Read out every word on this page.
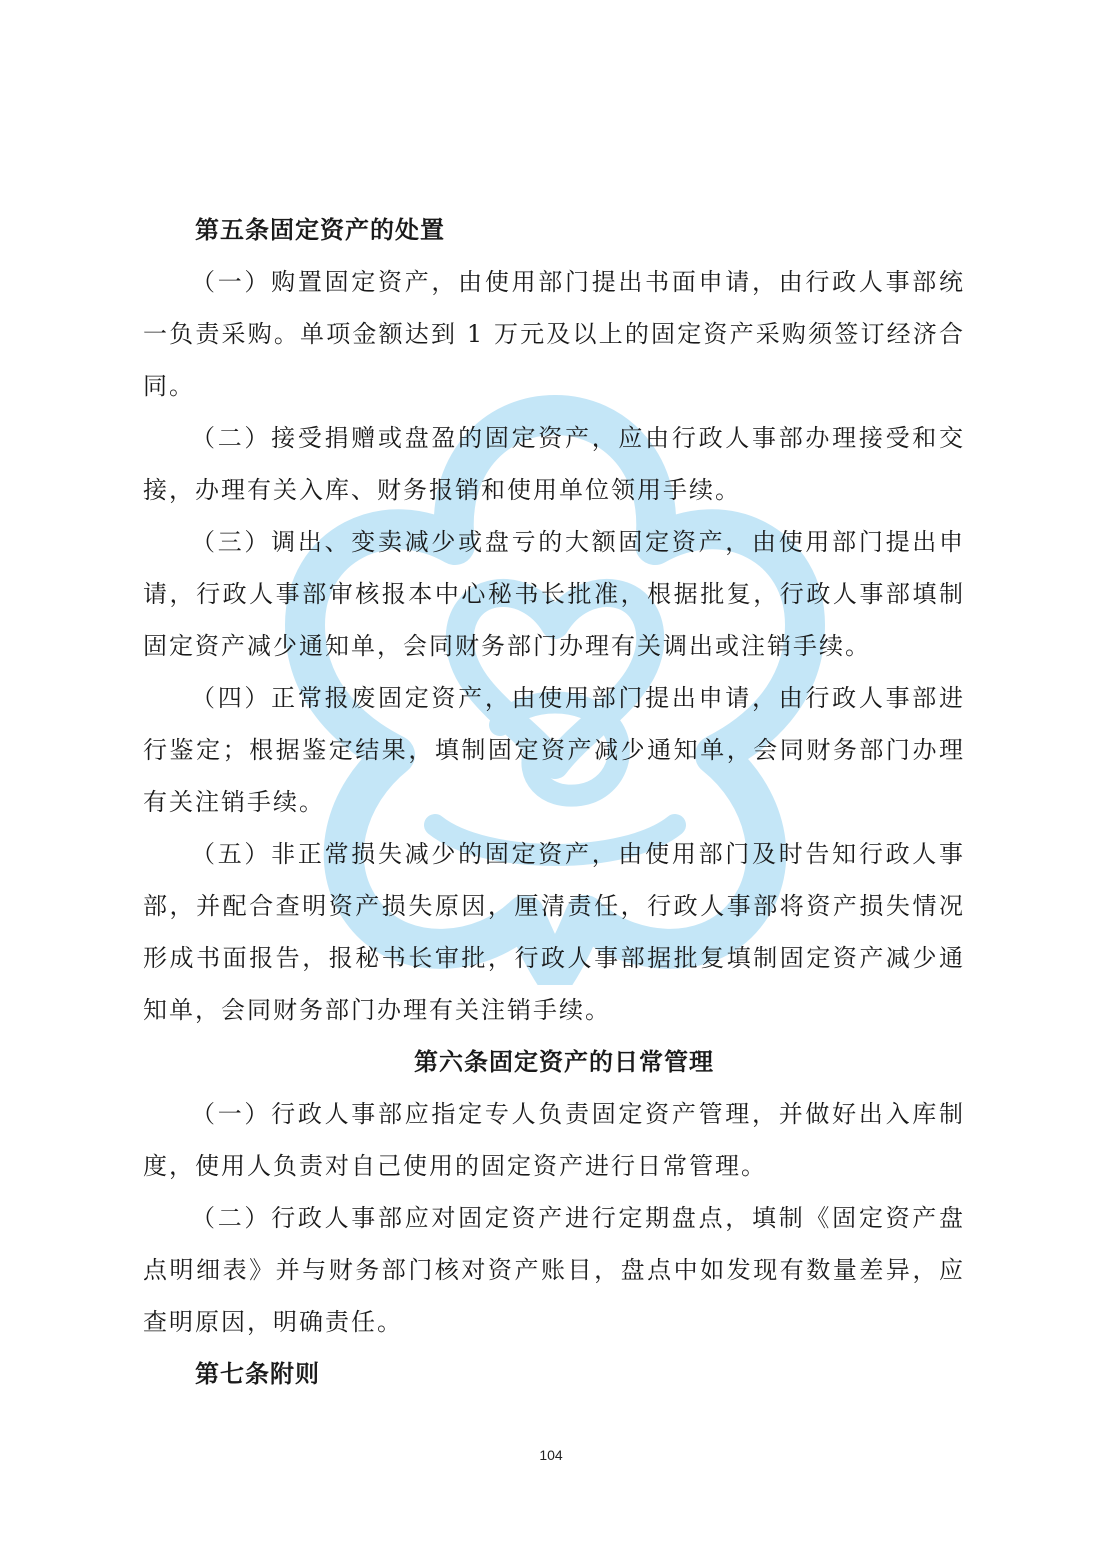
第五条固定资产的处置

（一）购置固定资产，由使用部门提出书面申请，由行政人事部统一负责采购。单项金额达到 1 万元及以上的固定资产采购须签订经济合同。

（二）接受捐赠或盘盈的固定资产，应由行政人事部办理接受和交接，办理有关入库、财务报销和使用单位领用手续。

（三）调出、变卖减少或盘亏的大额固定资产，由使用部门提出申请，行政人事部审核报本中心秘书长批准，根据批复，行政人事部填制固定资产减少通知单，会同财务部门办理有关调出或注销手续。

（四）正常报废固定资产，由使用部门提出申请，由行政人事部进行鉴定；根据鉴定结果，填制固定资产减少通知单，会同财务部门办理有关注销手续。

（五）非正常损失减少的固定资产，由使用部门及时告知行政人事部，并配合查明资产损失原因，厘清责任，行政人事部将资产损失情况形成书面报告，报秘书长审批，行政人事部据批复填制固定资产减少通知单，会同财务部门办理有关注销手续。

第六条固定资产的日常管理

（一）行政人事部应指定专人负责固定资产管理，并做好出入库制度，使用人负责对自己使用的固定资产进行日常管理。

（二）行政人事部应对固定资产进行定期盘点，填制《固定资产盘点明细表》并与财务部门核对资产账目，盘点中如发现有数量差异，应查明原因，明确责任。

第七条附则
104
